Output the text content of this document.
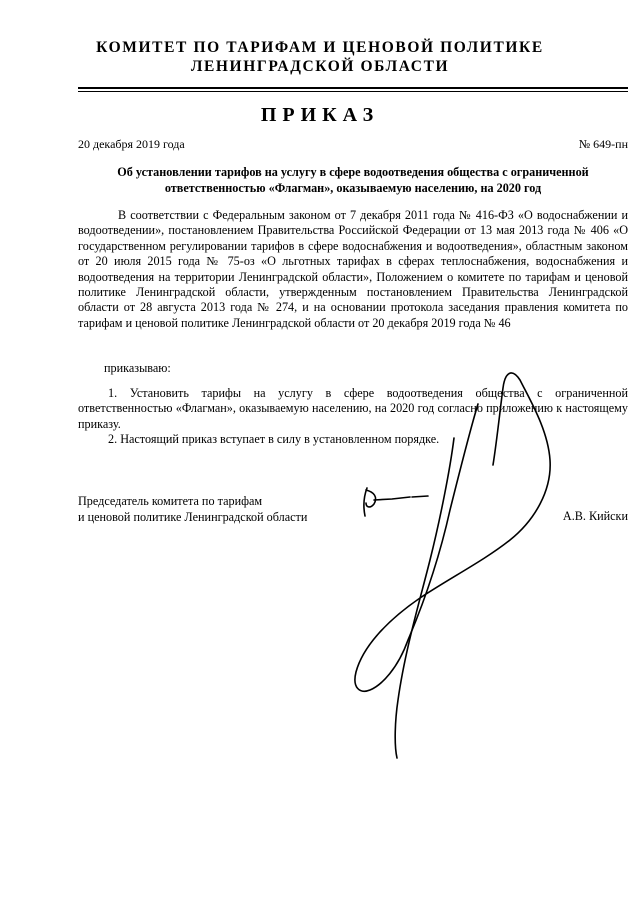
КОМИТЕТ ПО ТАРИФАМ И ЦЕНОВОЙ ПОЛИТИКЕ
ЛЕНИНГРАДСКОЙ ОБЛАСТИ
ПРИКАЗ
20 декабря 2019 года	№ 649-пн
Об установлении тарифов на услугу в сфере водоотведения общества с ограниченной
ответственностью «Флагман», оказываемую населению, на 2020 год

В соответствии с Федеральным законом от 7 декабря 2011 года № 416-ФЗ «О водоснабжении и водоотведении», постановлением Правительства Российской Федерации от 13 мая 2013 года № 406 «О государственном регулировании тарифов в сфере водоснабжения и водоотведения», областным законом от 20 июля 2015 года № 75-оз «О льготных тарифах в сферах теплоснабжения, водоснабжения и водоотведения на территории Ленинградской области», Положением о комитете по тарифам и ценовой политике Ленинградской области, утвержденным постановлением Правительства Ленинградской области от 28 августа 2013 года № 274, и на основании протокола заседания правления комитета по тарифам и ценовой политике Ленинградской области от 20 декабря 2019 года № 46

приказываю:

1. Установить тарифы на услугу в сфере водоотведения общества с ограниченной ответственностью «Флагман», оказываемую населению, на 2020 год согласно приложению к настоящему приказу.

2. Настоящий приказ вступает в силу в установленном порядке.

Председатель комитета по тарифам
и ценовой политике Ленинградской области	А.В. Кийски
